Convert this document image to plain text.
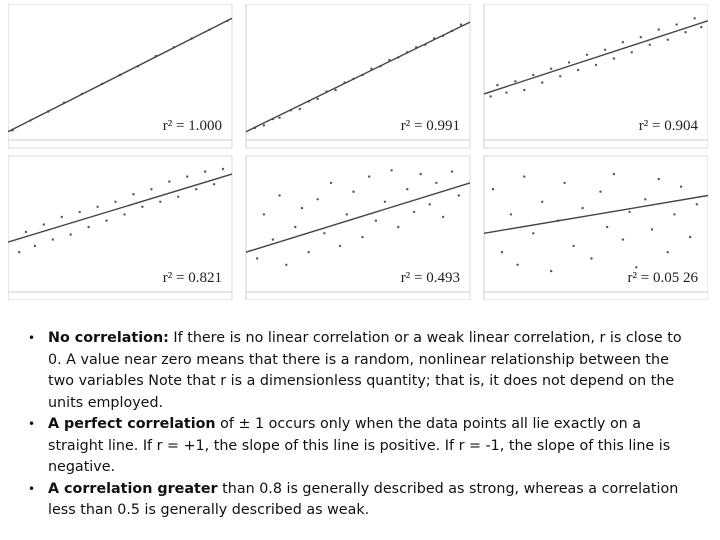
r² = 1.000	r² = 0.991	r² = 0.904
r² = 0.821	r² = 0.493	r² = 0.05 26
• No correlation: If there is no linear correlation or a weak linear correlation, r is close to 0. A value near zero means that there is a random, nonlinear relationship between the two variables Note that r is a dimensionless quantity; that is, it does not depend on the units employed.
• A perfect correlation of ± 1 occurs only when the data points all lie exactly on a straight line. If r = +1, the slope of this line is positive. If r = -1, the slope of this line is negative.
• A correlation greater than 0.8 is generally described as strong, whereas a correlation less than 0.5 is generally described as weak.
